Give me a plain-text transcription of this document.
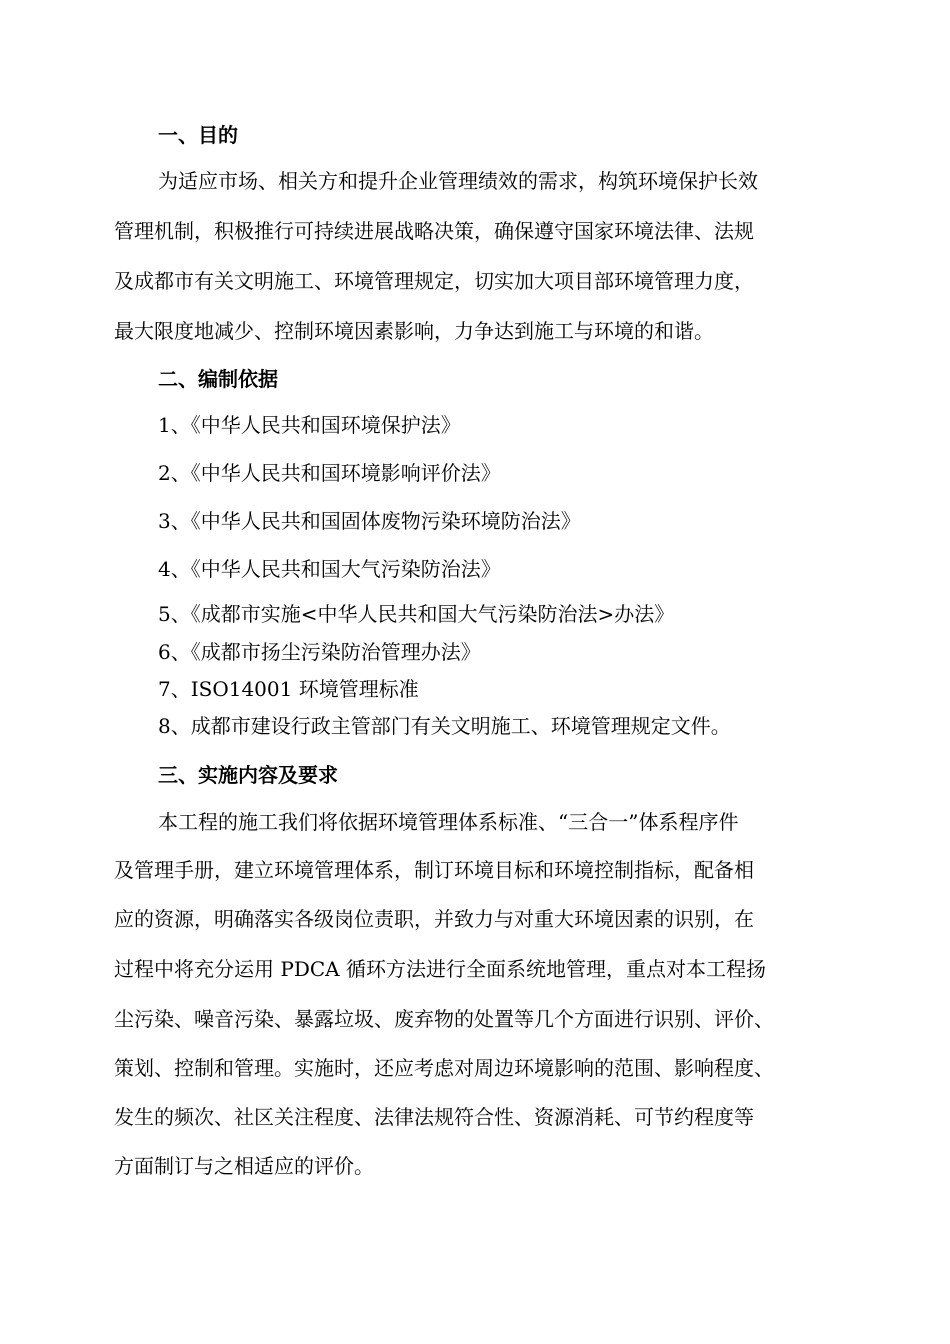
一、目的
为适应市场、相关方和提升企业管理绩效的需求，构筑环境保护长效
管理机制，积极推行可持续进展战略决策，确保遵守国家环境法律、法规
及成都市有关文明施工、环境管理规定，切实加大项目部环境管理力度，
最大限度地减少、控制环境因素影响，力争达到施工与环境的和谐。
二、编制依据
1、《中华人民共和国环境保护法》
2、《中华人民共和国环境影响评价法》
3、《中华人民共和国固体废物污染环境防治法》
4、《中华人民共和国大气污染防治法》
5、《成都市实施<中华人民共和国大气污染防治法>办法》
6、《成都市扬尘污染防治管理办法》
7、ISO14001 环境管理标准
8、成都市建设行政主管部门有关文明施工、环境管理规定文件。
三、实施内容及要求
本工程的施工我们将依据环境管理体系标准、“三合一”体系程序件
及管理手册，建立环境管理体系，制订环境目标和环境控制指标，配备相
应的资源，明确落实各级岗位责职，并致力与对重大环境因素的识别，在
过程中将充分运用 PDCA 循环方法进行全面系统地管理，重点对本工程扬
尘污染、噪音污染、暴露垃圾、废弃物的处置等几个方面进行识别、评价、
策划、控制和管理。实施时，还应考虑对周边环境影响的范围、影响程度、
发生的频次、社区关注程度、法律法规符合性、资源消耗、可节约程度等
方面制订与之相适应的评价。
